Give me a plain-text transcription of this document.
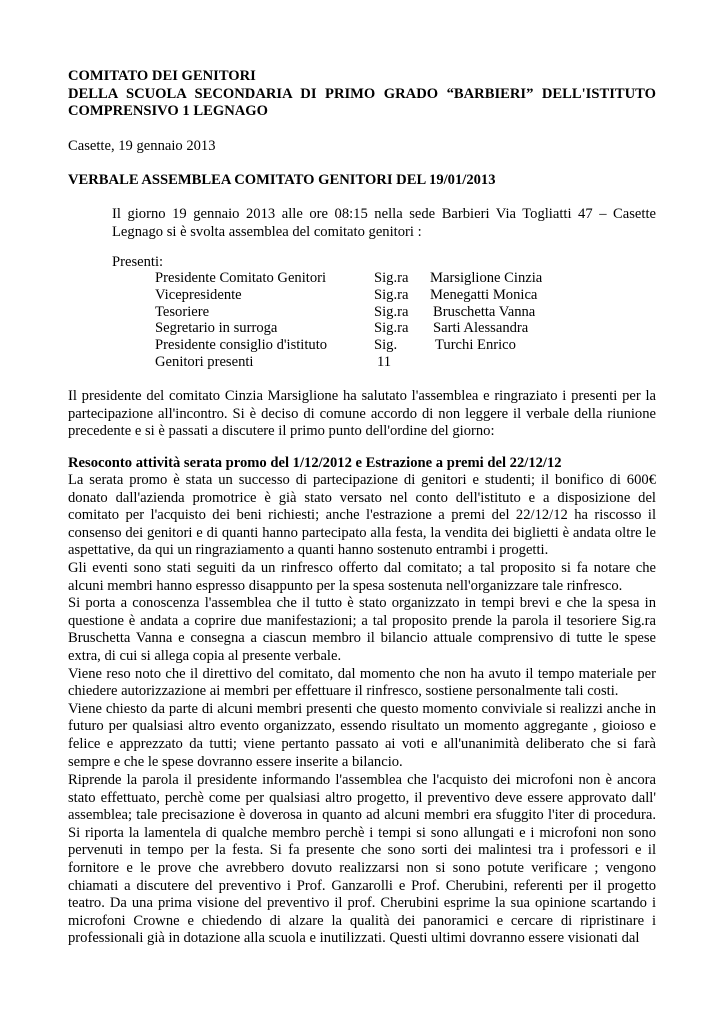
COMITATO DEI GENITORI
DELLA SCUOLA SECONDARIA DI PRIMO GRADO “BARBIERI” DELL'ISTITUTO
COMPRENSIVO 1 LEGNAGO
Casette, 19 gennaio 2013
VERBALE ASSEMBLEA COMITATO GENITORI DEL 19/01/2013
Il giorno 19 gennaio 2013 alle ore 08:15 nella sede Barbieri Via Togliatti 47 – Casette Legnago si è svolta assemblea del comitato genitori :
Presenti:
Presidente Comitato Genitori	Sig.ra Marsiglione Cinzia
Vicepresidente	Sig.ra Menegatti Monica
Tesoriere	Sig.ra Bruschetta Vanna
Segretario in surroga	Sig.ra Sarti Alessandra
Presidente consiglio d'istituto	Sig.	Turchi Enrico
Genitori presenti	11
Il presidente del comitato Cinzia Marsiglione ha salutato l'assemblea e ringraziato i presenti per la partecipazione all'incontro. Si è deciso di comune accordo di non leggere il verbale della riunione precedente e si è passati a discutere il primo punto dell'ordine del giorno:
Resoconto attività serata promo del 1/12/2012 e Estrazione a premi del 22/12/12

La serata promo è stata un successo di partecipazione di genitori e studenti; il bonifico di 600€ donato dall'azienda promotrice è già stato versato nel conto dell'istituto e a disposizione del comitato per l'acquisto dei beni richiesti; anche l'estrazione a premi del 22/12/12 ha riscosso il consenso dei genitori e di quanti hanno partecipato alla festa, la vendita dei biglietti è andata oltre le aspettative, da qui un ringraziamento a quanti hanno sostenuto entrambi i progetti.

Gli eventi sono stati seguiti da un rinfresco offerto dal comitato; a tal proposito si fa notare che alcuni membri hanno espresso disappunto per la spesa sostenuta nell'organizzare tale rinfresco.

Si porta a conoscenza l'assemblea che il tutto è stato organizzato in tempi brevi e che la spesa in questione è andata a coprire due manifestazioni; a tal proposito prende la parola il tesoriere Sig.ra Bruschetta Vanna e consegna a ciascun membro il bilancio attuale comprensivo di tutte le spese extra, di cui si allega copia al presente verbale.

Viene reso noto che il direttivo del comitato, dal momento che non ha avuto il tempo materiale per chiedere autorizzazione ai membri per effettuare il rinfresco, sostiene personalmente tali costi.

Viene chiesto da parte di alcuni membri presenti che questo momento conviviale si realizzi anche in futuro per qualsiasi altro evento organizzato, essendo risultato un momento aggregante , gioioso e felice e apprezzato da tutti; viene pertanto passato ai voti e all'unanimità deliberato che si farà sempre e che le spese dovranno essere inserite a bilancio.

Riprende la parola il presidente informando l'assemblea che l'acquisto dei microfoni non è ancora stato effettuato, perchè come per qualsiasi altro progetto, il preventivo deve essere approvato dall' assemblea; tale precisazione è doverosa in quanto ad alcuni membri era sfuggito l'iter di procedura. Si riporta la lamentela di qualche membro perchè i tempi si sono allungati e i microfoni non sono pervenuti in tempo per la festa. Si fa presente che sono sorti dei malintesi tra i professori e il fornitore e le prove che avrebbero dovuto realizzarsi non si sono potute verificare ; vengono chiamati a discutere del preventivo i Prof. Ganzarolli e Prof. Cherubini, referenti per il progetto teatro. Da una prima visione del preventivo il prof. Cherubini esprime la sua opinione scartando i microfoni Crowne e chiedendo di alzare la qualità dei panoramici e cercare di ripristinare i professionali già in dotazione alla scuola e inutilizzati. Questi ultimi dovranno essere visionati dal
